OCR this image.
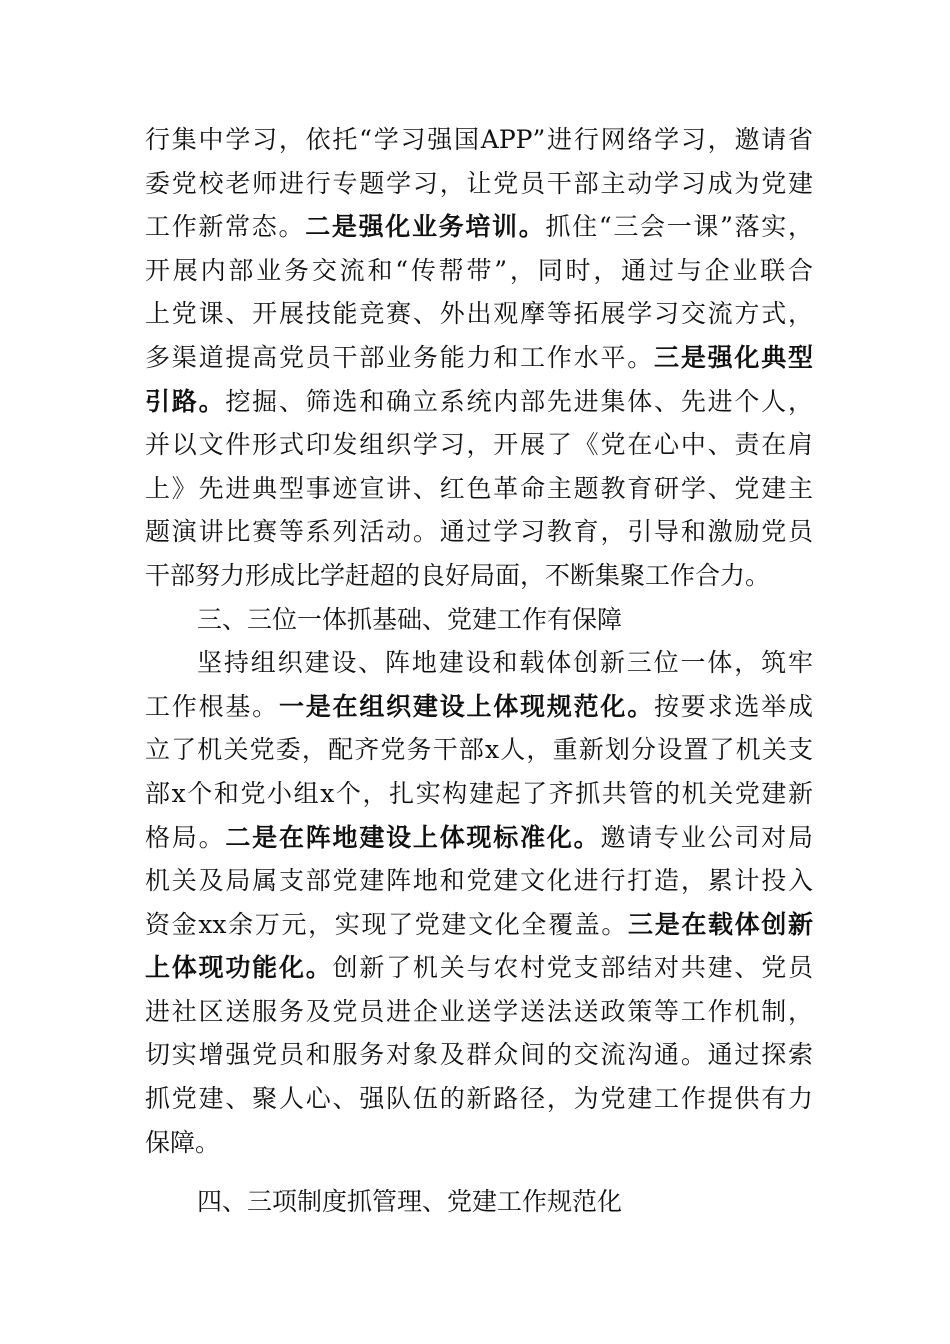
行集中学习，依托“学习强国APP”进行网络学习，邀请省
委党校老师进行专题学习，让党员干部主动学习成为党建
工作新常态。二是强化业务培训。抓住“三会一课”落实，
开展内部业务交流和“传帮带”，同时，通过与企业联合
上党课、开展技能竞赛、外出观摩等拓展学习交流方式，
多渠道提高党员干部业务能力和工作水平。三是强化典型
引路。挖掘、筛选和确立系统内部先进集体、先进个人，
并以文件形式印发组织学习，开展了《党在心中、责在肩
上》先进典型事迹宣讲、红色革命主题教育研学、党建主
题演讲比赛等系列活动。通过学习教育，引导和激励党员
干部努力形成比学赶超的良好局面，不断集聚工作合力。
三、三位一体抓基础、党建工作有保障
坚持组织建设、阵地建设和载体创新三位一体，筑牢
工作根基。一是在组织建设上体现规范化。按要求选举成
立了机关党委，配齐党务干部x人，重新划分设置了机关支
部x个和党小组x个，扎实构建起了齐抓共管的机关党建新
格局。二是在阵地建设上体现标准化。邀请专业公司对局
机关及局属支部党建阵地和党建文化进行打造，累计投入
资金xx余万元，实现了党建文化全覆盖。三是在载体创新
上体现功能化。创新了机关与农村党支部结对共建、党员
进社区送服务及党员进企业送学送法送政策等工作机制，
切实增强党员和服务对象及群众间的交流沟通。通过探索
抓党建、聚人心、强队伍的新路径，为党建工作提供有力
保障。
四、三项制度抓管理、党建工作规范化
